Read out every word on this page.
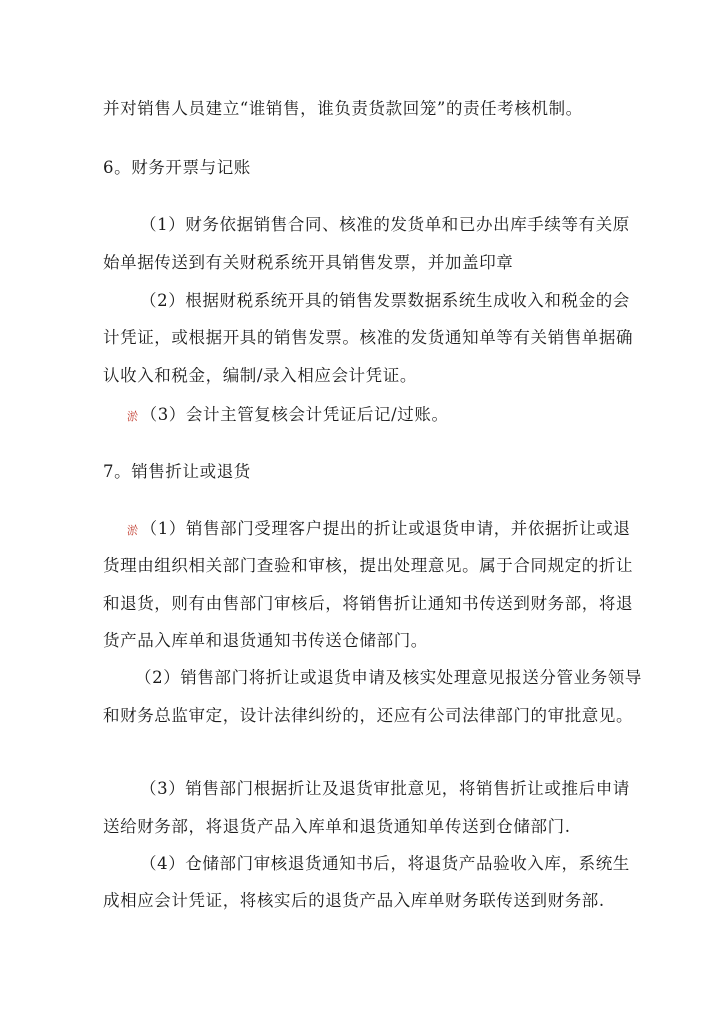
并对销售人员建立“谁销售，谁负责货款回笼”的责任考核机制。
6。财务开票与记账
（1）财务依据销售合同、核准的发货单和已办出库手续等有关原
始单据传送到有关财税系统开具销售发票，并加盖印章
（2）根据财税系统开具的销售发票数据系统生成收入和税金的会
计凭证，或根据开具的销售发票。核准的发货通知单等有关销售单据确
认收入和税金，编制/录入相应会计凭证。
淤 （3）会计主管复核会计凭证后记/过账。
7。销售折让或退货
淤 （1）销售部门受理客户提出的折让或退货申请，并依据折让或退
货理由组织相关部门查验和审核，提出处理意见。属于合同规定的折让
和退货，则有由售部门审核后，将销售折让通知书传送到财务部，将退
货产品入库单和退货通知书传送仓储部门。
（2）销售部门将折让或退货申请及核实处理意见报送分管业务领导
和财务总监审定，设计法律纠纷的，还应有公司法律部门的审批意见。
（3）销售部门根据折让及退货审批意见，将销售折让或推后申请
送给财务部，将退货产品入库单和退货通知单传送到仓储部门.
（4）仓储部门审核退货通知书后，将退货产品验收入库，系统生
成相应会计凭证，将核实后的退货产品入库单财务联传送到财务部.
